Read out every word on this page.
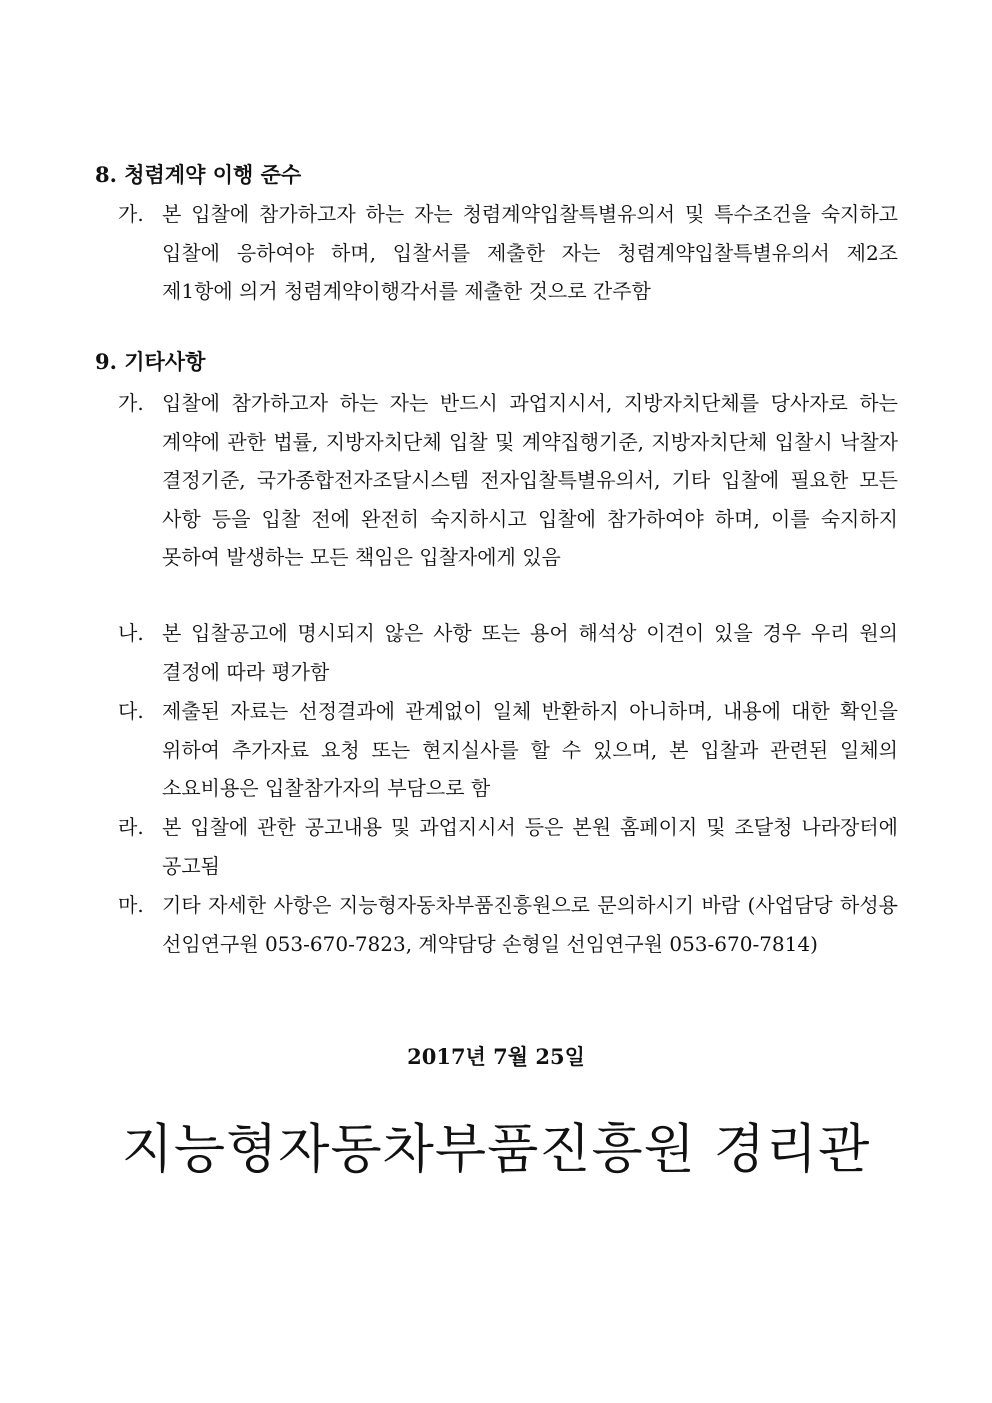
8. 청렴계약 이행 준수
가. 본 입찰에 참가하고자 하는 자는 청렴계약입찰특별유의서 및 특수조건을 숙지하고 입찰에 응하여야 하며, 입찰서를 제출한 자는 청렴계약입찰특별유의서 제2조 제1항에 의거 청렴계약이행각서를 제출한 것으로 간주함
9. 기타사항
가. 입찰에 참가하고자 하는 자는 반드시 과업지시서, 지방자치단체를 당사자로 하는 계약에 관한 법률, 지방자치단체 입찰 및 계약집행기준, 지방자치단체 입찰시 낙찰자 결정기준, 국가종합전자조달시스템 전자입찰특별유의서, 기타 입찰에 필요한 모든 사항 등을 입찰 전에 완전히 숙지하시고 입찰에 참가하여야 하며, 이를 숙지하지 못하여 발생하는 모든 책임은 입찰자에게 있음
나. 본 입찰공고에 명시되지 않은 사항 또는 용어 해석상 이견이 있을 경우 우리 원의 결정에 따라 평가함
다. 제출된 자료는 선정결과에 관계없이 일체 반환하지 아니하며, 내용에 대한 확인을 위하여 추가자료 요청 또는 현지실사를 할 수 있으며, 본 입찰과 관련된 일체의 소요비용은 입찰참가자의 부담으로 함
라. 본 입찰에 관한 공고내용 및 과업지시서 등은 본원 홈페이지 및 조달청 나라장터에 공고됨
마. 기타 자세한 사항은 지능형자동차부품진흥원으로 문의하시기 바람 (사업담당 하성용 선임연구원 053-670-7823, 계약담당 손형일 선임연구원 053-670-7814)
2017년 7월 25일
지능형자동차부품진흥원 경리관
